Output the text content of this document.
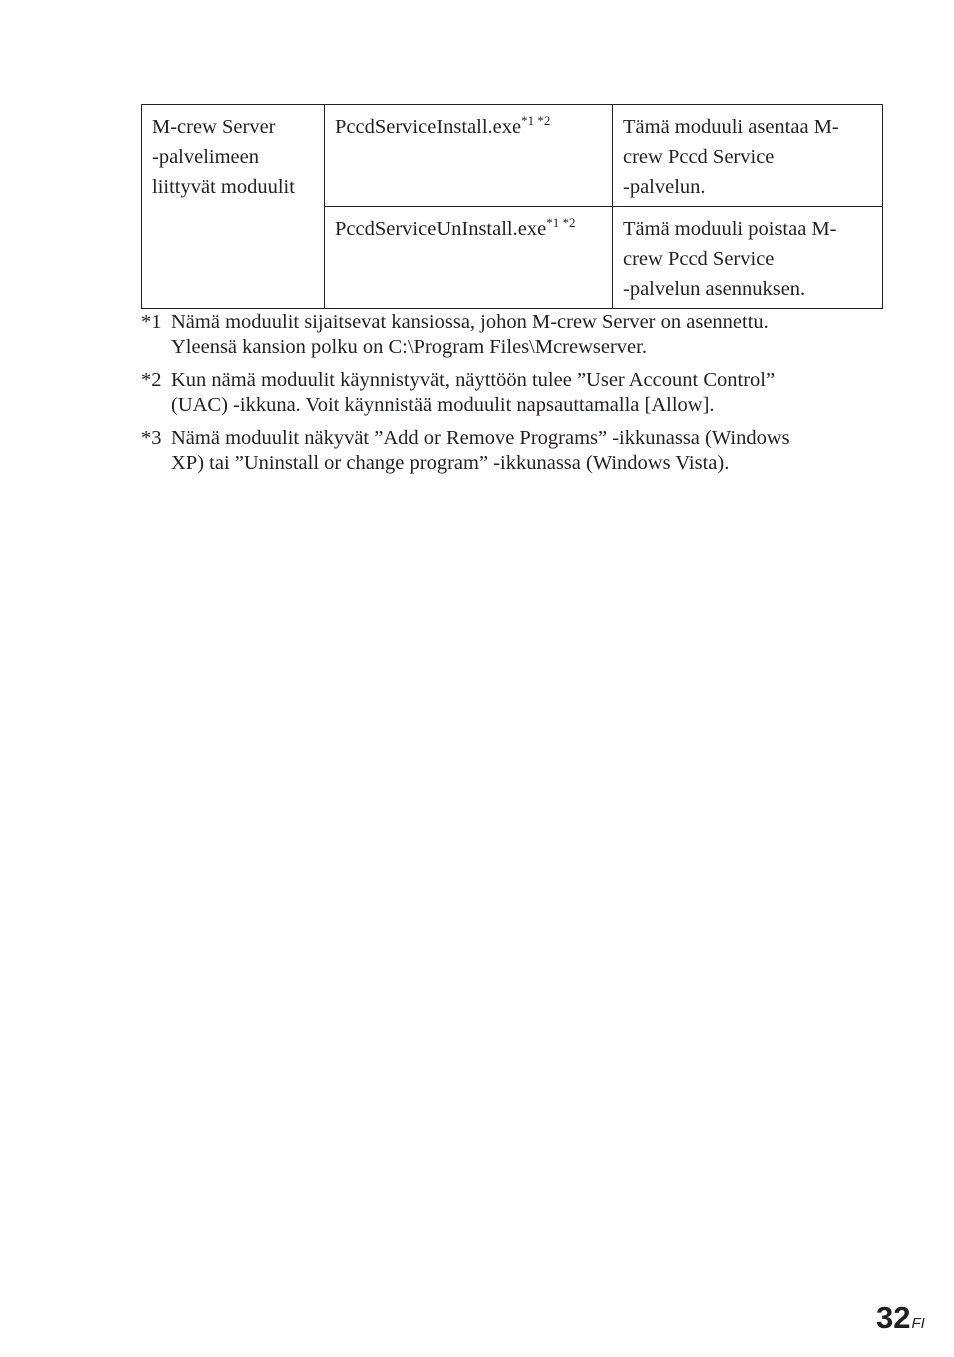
M-crew Server
-palvelimeen
liittyvät moduulit	PccdServiceInstall.exe$^{*1 *2}$	Tämä moduuli asentaa M-
crew Pccd Service
-palvelun.

	PccdServiceUnInstall.exe$^{*1 *2}$	Tämä moduuli poistaa M-
crew Pccd Service
-palvelun asennuksen.
*1 Nämä moduulit sijaitsevat kansiossa, johon M-crew Server on asennettu.
Yleensä kansion polku on C:\Program Files\Mcrewserver.
*2 Kun nämä moduulit käynnistyvät, näyttöön tulee ”User Account Control”
(UAC) -ikkuna. Voit käynnistää moduulit napsauttamalla [Allow].
*3 Nämä moduulit näkyvät ”Add or Remove Programs” -ikkunassa (Windows
XP) tai ”Uninstall or change program” -ikkunassa (Windows Vista).
32FI
